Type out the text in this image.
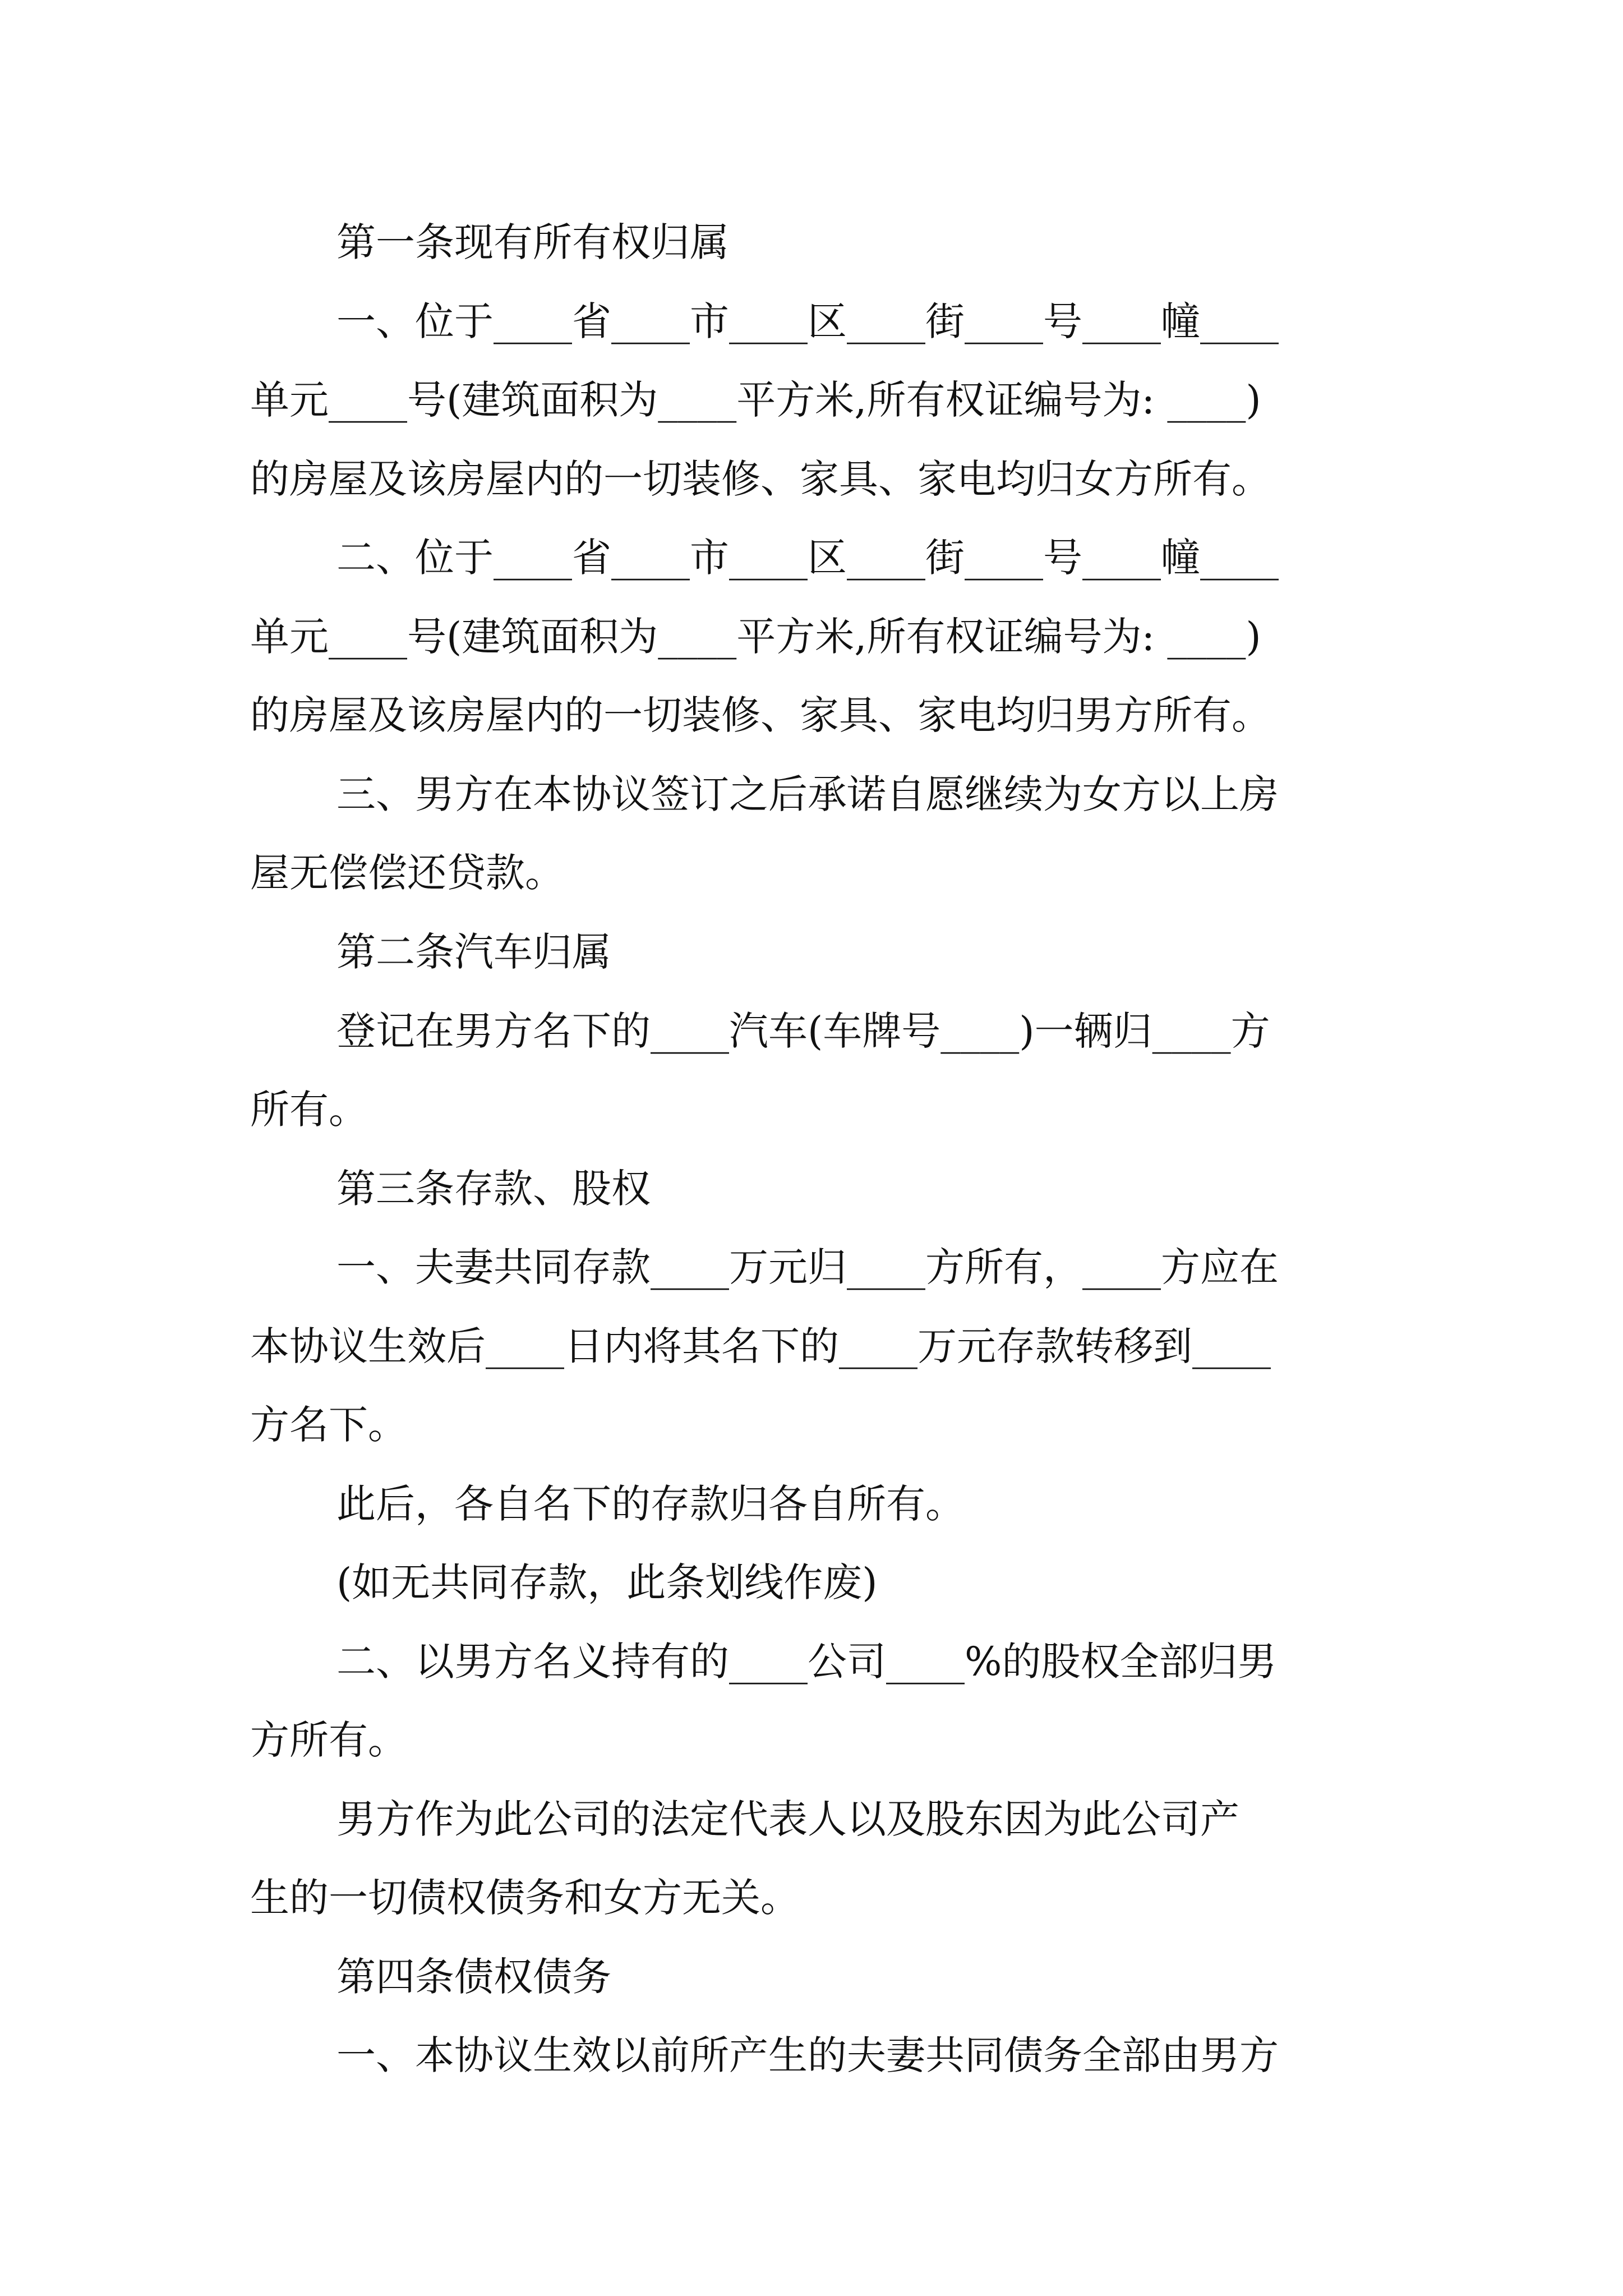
第一条现有所有权归属
一、位于____省____市____区____街____号____幢____
单元____号(建筑面积为____平方米,所有权证编号为: ____)
的房屋及该房屋内的一切装修、家具、家电均归女方所有。
二、位于____省____市____区____街____号____幢____
单元____号(建筑面积为____平方米,所有权证编号为: ____)
的房屋及该房屋内的一切装修、家具、家电均归男方所有。
三、男方在本协议签订之后承诺自愿继续为女方以上房
屋无偿偿还贷款。
第二条汽车归属
登记在男方名下的____汽车(车牌号____)一辆归____方
所有。
第三条存款、股权
一、夫妻共同存款____万元归____方所有，____方应在
本协议生效后____日内将其名下的____万元存款转移到____
方名下。
此后，各自名下的存款归各自所有。
(如无共同存款，此条划线作废)
二、以男方名义持有的____公司____%的股权全部归男
方所有。
男方作为此公司的法定代表人以及股东因为此公司产
生的一切债权债务和女方无关。
第四条债权债务
一、本协议生效以前所产生的夫妻共同债务全部由男方
